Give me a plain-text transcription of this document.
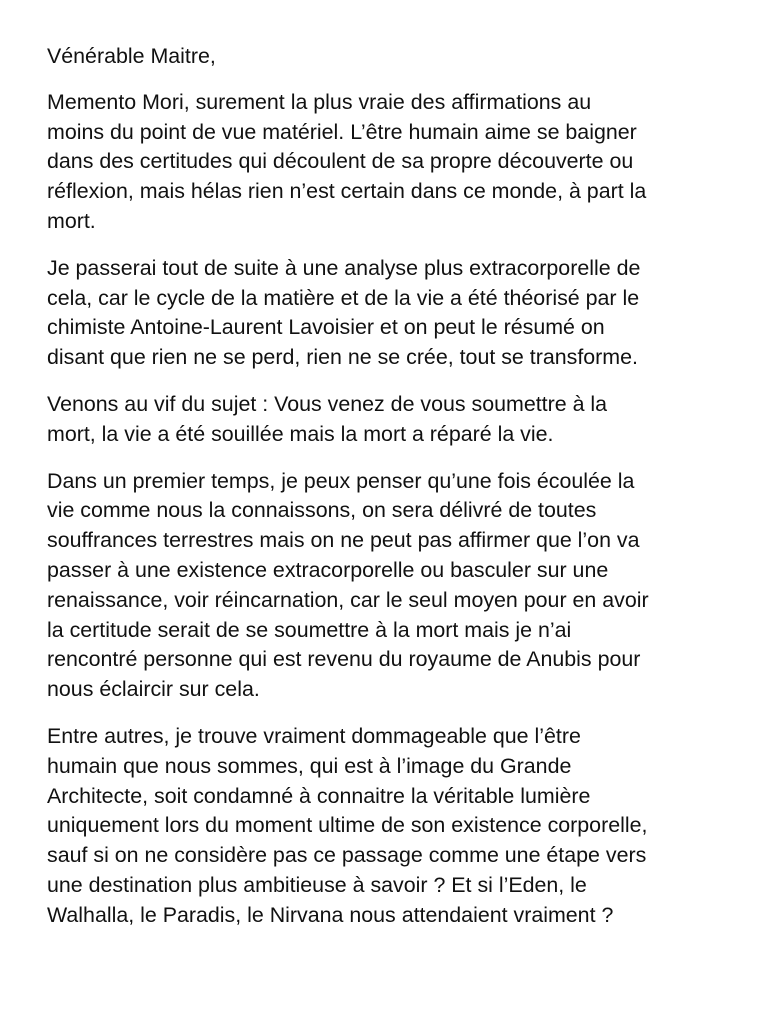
Vénérable Maitre,
Memento Mori, surement la plus vraie des affirmations au
moins du point de vue matériel. L’être humain aime se baigner
dans des certitudes qui découlent de sa propre découverte ou
réflexion, mais hélas rien n’est certain dans ce monde, à part la
mort.
Je passerai tout de suite à une analyse plus extracorporelle de
cela, car le cycle de la matière et de la vie a été théorisé par le
chimiste Antoine-Laurent Lavoisier et on peut le résumé on
disant que rien ne se perd, rien ne se crée, tout se transforme.
Venons au vif du sujet : Vous venez de vous soumettre à la
mort, la vie a été souillée mais la mort a réparé la vie.
Dans un premier temps, je peux penser qu’une fois écoulée la
vie comme nous la connaissons, on sera délivré de toutes
souffrances terrestres mais on ne peut pas affirmer que l’on va
passer à une existence extracorporelle ou basculer sur une
renaissance, voir réincarnation, car le seul moyen pour en avoir
la certitude serait de se soumettre à la mort mais je n’ai
rencontré personne qui est revenu du royaume de Anubis pour
nous éclaircir sur cela.
Entre autres, je trouve vraiment dommageable que l’être
humain que nous sommes, qui est à l’image du Grande
Architecte, soit condamné à connaitre la véritable lumière
uniquement lors du moment ultime de son existence corporelle,
sauf si on ne considère pas ce passage comme une étape vers
une destination plus ambitieuse à savoir ? Et si l’Eden, le
Walhalla, le Paradis, le Nirvana nous attendaient vraiment ?
